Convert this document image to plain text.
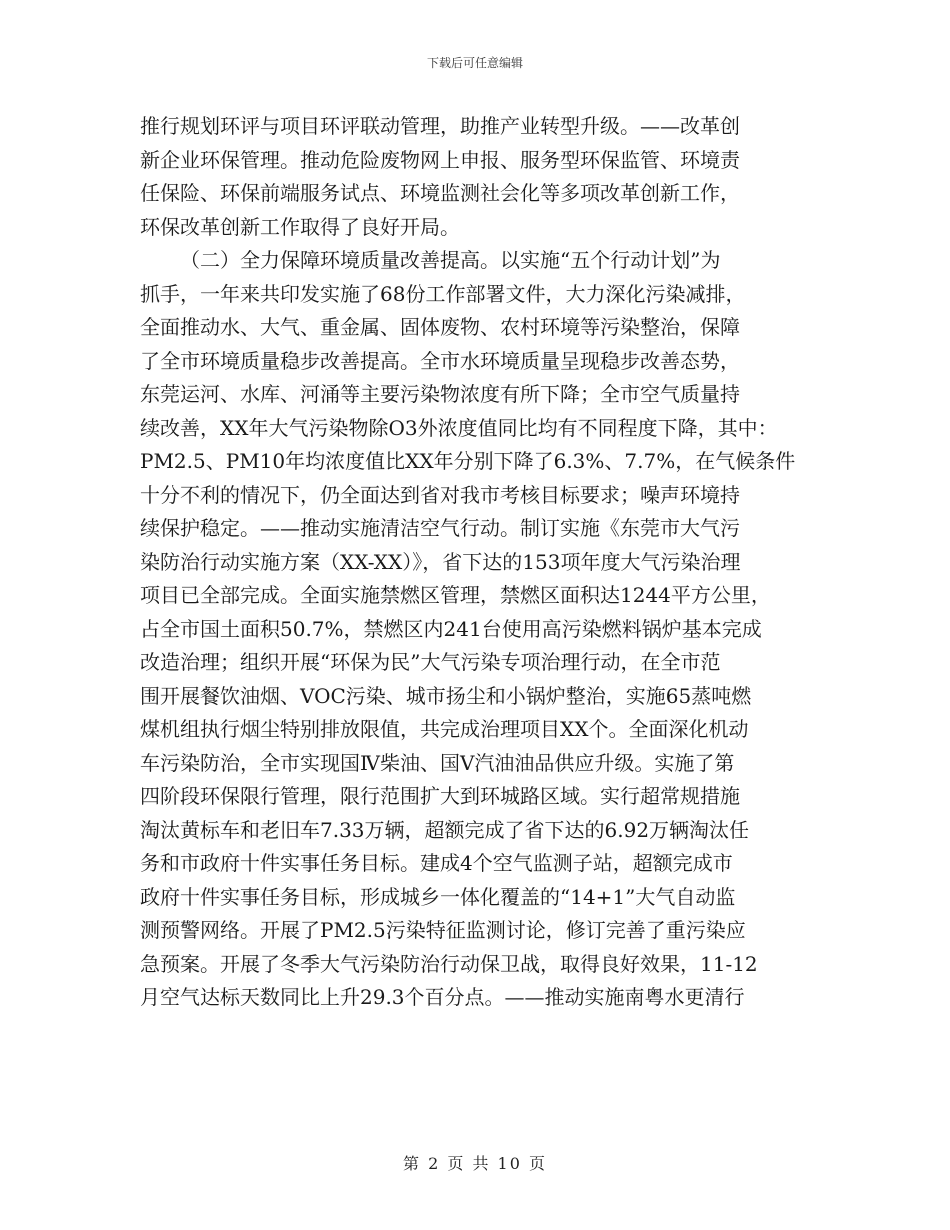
下载后可任意编辑
推行规划环评与项目环评联动管理，助推产业转型升级。——改革创
新企业环保管理。推动危险废物网上申报、服务型环保监管、环境责
任保险、环保前端服务试点、环境监测社会化等多项改革创新工作，
环保改革创新工作取得了良好开局。
（二）全力保障环境质量改善提高。以实施“五个行动计划”为
抓手，一年来共印发实施了68份工作部署文件，大力深化污染减排，
全面推动水、大气、重金属、固体废物、农村环境等污染整治，保障
了全市环境质量稳步改善提高。全市水环境质量呈现稳步改善态势，
东莞运河、水库、河涌等主要污染物浓度有所下降；全市空气质量持
续改善，XX年大气污染物除O3外浓度值同比均有不同程度下降，其中：
PM2.5、PM10年均浓度值比XX年分别下降了6.3%、7.7%，在气候条件
十分不利的情况下，仍全面达到省对我市考核目标要求；噪声环境持
续保护稳定。——推动实施清洁空气行动。制订实施《东莞市大气污
染防治行动实施方案（XX-XX）》，省下达的153项年度大气污染治理
项目已全部完成。全面实施禁燃区管理，禁燃区面积达1244平方公里，
占全市国土面积50.7%，禁燃区内241台使用高污染燃料锅炉基本完成
改造治理；组织开展“环保为民”大气污染专项治理行动，在全市范
围开展餐饮油烟、VOC污染、城市扬尘和小锅炉整治，实施65蒸吨燃
煤机组执行烟尘特别排放限值，共完成治理项目XX个。全面深化机动
车污染防治，全市实现国Ⅳ柴油、国Ⅴ汽油油品供应升级。实施了第
四阶段环保限行管理，限行范围扩大到环城路区域。实行超常规措施
淘汰黄标车和老旧车7.33万辆，超额完成了省下达的6.92万辆淘汰任
务和市政府十件实事任务目标。建成4个空气监测子站，超额完成市
政府十件实事任务目标，形成城乡一体化覆盖的“14+1”大气自动监
测预警网络。开展了PM2.5污染特征监测讨论，修订完善了重污染应
急预案。开展了冬季大气污染防治行动保卫战，取得良好效果，11-12
月空气达标天数同比上升29.3个百分点。——推动实施南粤水更清行
第 2 页 共 10 页
